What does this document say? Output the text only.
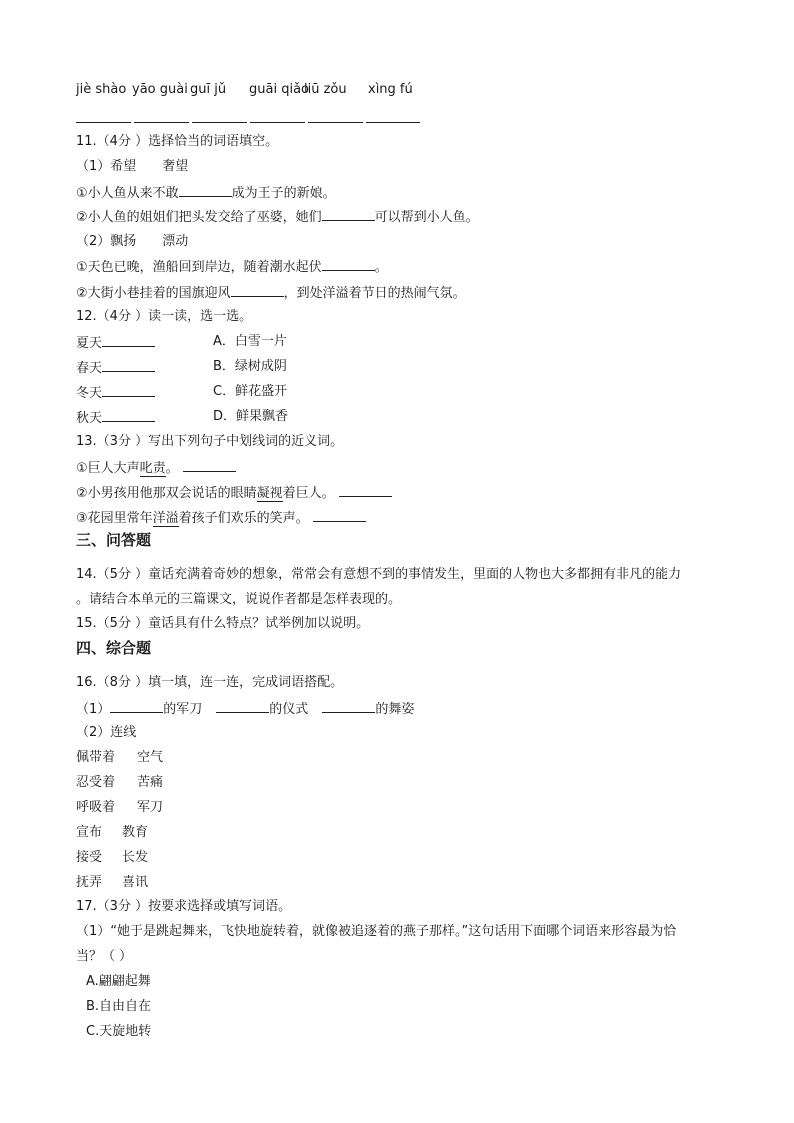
jiè shào yāo guài guī jǔ guāi qiǎo
liū zǒu xìng fú
11.（4分 ）选择恰当的词语填空。
（1）希望　　奢望
①小人鱼从来不敢	成为王子的新娘。
②小人鱼的姐姐们把头发交给了巫婆，她们	可以帮到小人鱼。
（2）飘扬　　漂动
①天色已晚，渔船回到岸边，随着潮水起伏	。
②大街小巷挂着的国旗迎风	，到处洋溢着节日的热闹气氛。
12.（4分 ）读一读，选一选。
夏天	A．白雪一片
春天	B．绿树成阴
冬天	C．鲜花盛开
秋天	D．鲜果飘香
13.（3分 ）写出下列句子中划线词的近义词。
①巨人大声叱责。
②小男孩用他那双会说话的眼睛凝视着巨人。
③花园里常年洋溢着孩子们欢乐的笑声。
三、问答题
14.（5分 ）童话充满着奇妙的想象，常常会有意想不到的事情发生，里面的人物也大多都拥有非凡的能力
。请结合本单元的三篇课文，说说作者都是怎样表现的。
15.（5分 ）童话具有什么特点？试举例加以说明。
四、综合题
16.（8分 ）填一填，连一连，完成词语搭配。
（1）	的军刀	的仪式	的舞姿
（2）连线
佩带着 空气
忍受着 苦痛
呼吸着 军刀
宣布 教育
接受 长发
抚弄 喜讯
17.（3分 ）按要求选择或填写词语。
（1）“她于是跳起舞来，飞快地旋转着，就像被追逐着的燕子那样。”这句话用下面哪个词语来形容最为恰
当？（ ）
A.翩翩起舞
B.自由自在
C.天旋地转
